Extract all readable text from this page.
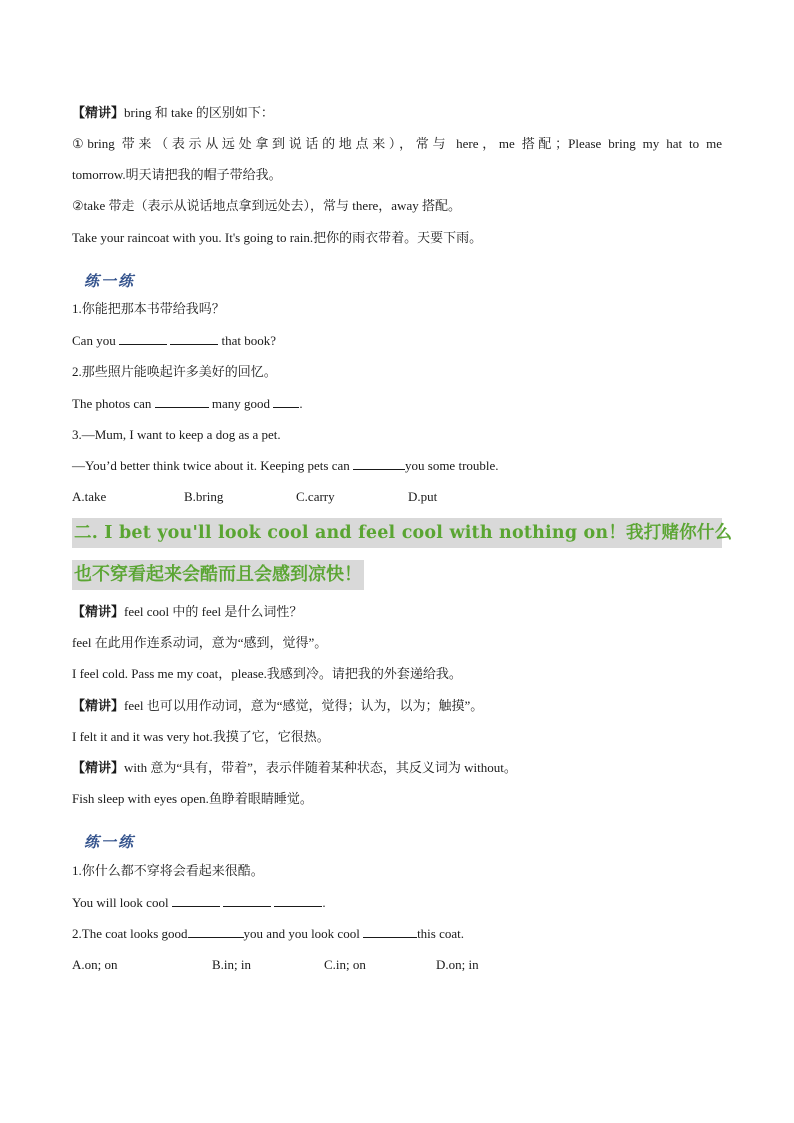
【精讲】bring 和 take 的区别如下：
①bring 带来（表示从远处拿到说话的地点来），常与 here，me 搭配；Please bring my hat to me
tomorrow.明天请把我的帽子带给我。
②take 带走（表示从说话地点拿到远处去），常与 there，away 搭配。
Take your raincoat with you. It's going to rain.把你的雨衣带着。天要下雨。
练一练
1.你能把那本书带给我吗？
Can you	that book?
2.那些照片能唤起许多美好的回忆。
The photos can	many good .
3.—Mum, I want to keep a dog as a pet.
—You’d better think twice about it. Keeping pets can	you some trouble.
A.take	B.bring	C.carry	D.put
二. I bet you'll look cool and feel cool with nothing on！我打赌你什么
也不穿看起来会酷而且会感到凉快！
【精讲】feel cool 中的 feel 是什么词性？
feel 在此用作连系动词，意为“感到，觉得”。
I feel cold. Pass me my coat，please.我感到冷。请把我的外套递给我。
【精讲】feel 也可以用作动词，意为“感觉，觉得；认为，以为；触摸”。
I felt it and it was very hot.我摸了它，它很热。
【精讲】with 意为“具有，带着”，表示伴随着某种状态，其反义词为 without。
Fish sleep with eyes open.鱼睁着眼睛睡觉。
练一练
1.你什么都不穿将会看起来很酷。
You will look cool	.
2.The coat looks good	you and you look cool	this coat.
A.on; on	B.in; in	C.in; on	D.on; in
